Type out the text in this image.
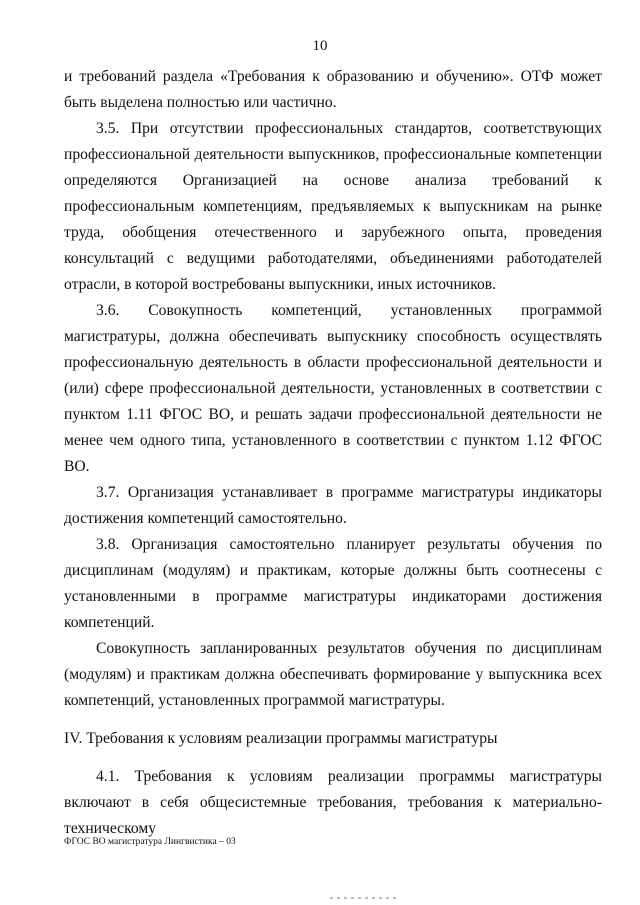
10

и требований раздела «Требования к образованию и обучению». ОТФ может быть выделена полностью или частично.

3.5. При отсутствии профессиональных стандартов, соответствующих профессиональной деятельности выпускников, профессиональные компетенции определяются Организацией на основе анализа требований к профессиональным компетенциям, предъявляемых к выпускникам на рынке труда, обобщения отечественного и зарубежного опыта, проведения консультаций с ведущими работодателями, объединениями работодателей отрасли, в которой востребованы выпускники, иных источников.

3.6. Совокупность компетенций, установленных программой магистратуры, должна обеспечивать выпускнику способность осуществлять профессиональную деятельность в области профессиональной деятельности и (или) сфере профессиональной деятельности, установленных в соответствии с пунктом 1.11 ФГОС ВО, и решать задачи профессиональной деятельности не менее чем одного типа, установленного в соответствии с пунктом 1.12 ФГОС ВО.

3.7. Организация устанавливает в программе магистратуры индикаторы достижения компетенций самостоятельно.

3.8. Организация самостоятельно планирует результаты обучения по дисциплинам (модулям) и практикам, которые должны быть соотнесены с установленными в программе магистратуры индикаторами достижения компетенций.

Совокупность запланированных результатов обучения по дисциплинам (модулям) и практикам должна обеспечивать формирование у выпускника всех компетенций, установленных программой магистратуры.

IV. Требования к условиям реализации программы магистратуры

4.1. Требования к условиям реализации программы магистратуры включают в себя общесистемные требования, требования к материально-техническому

ФГОС ВО магистратура Лингвистика – 03
